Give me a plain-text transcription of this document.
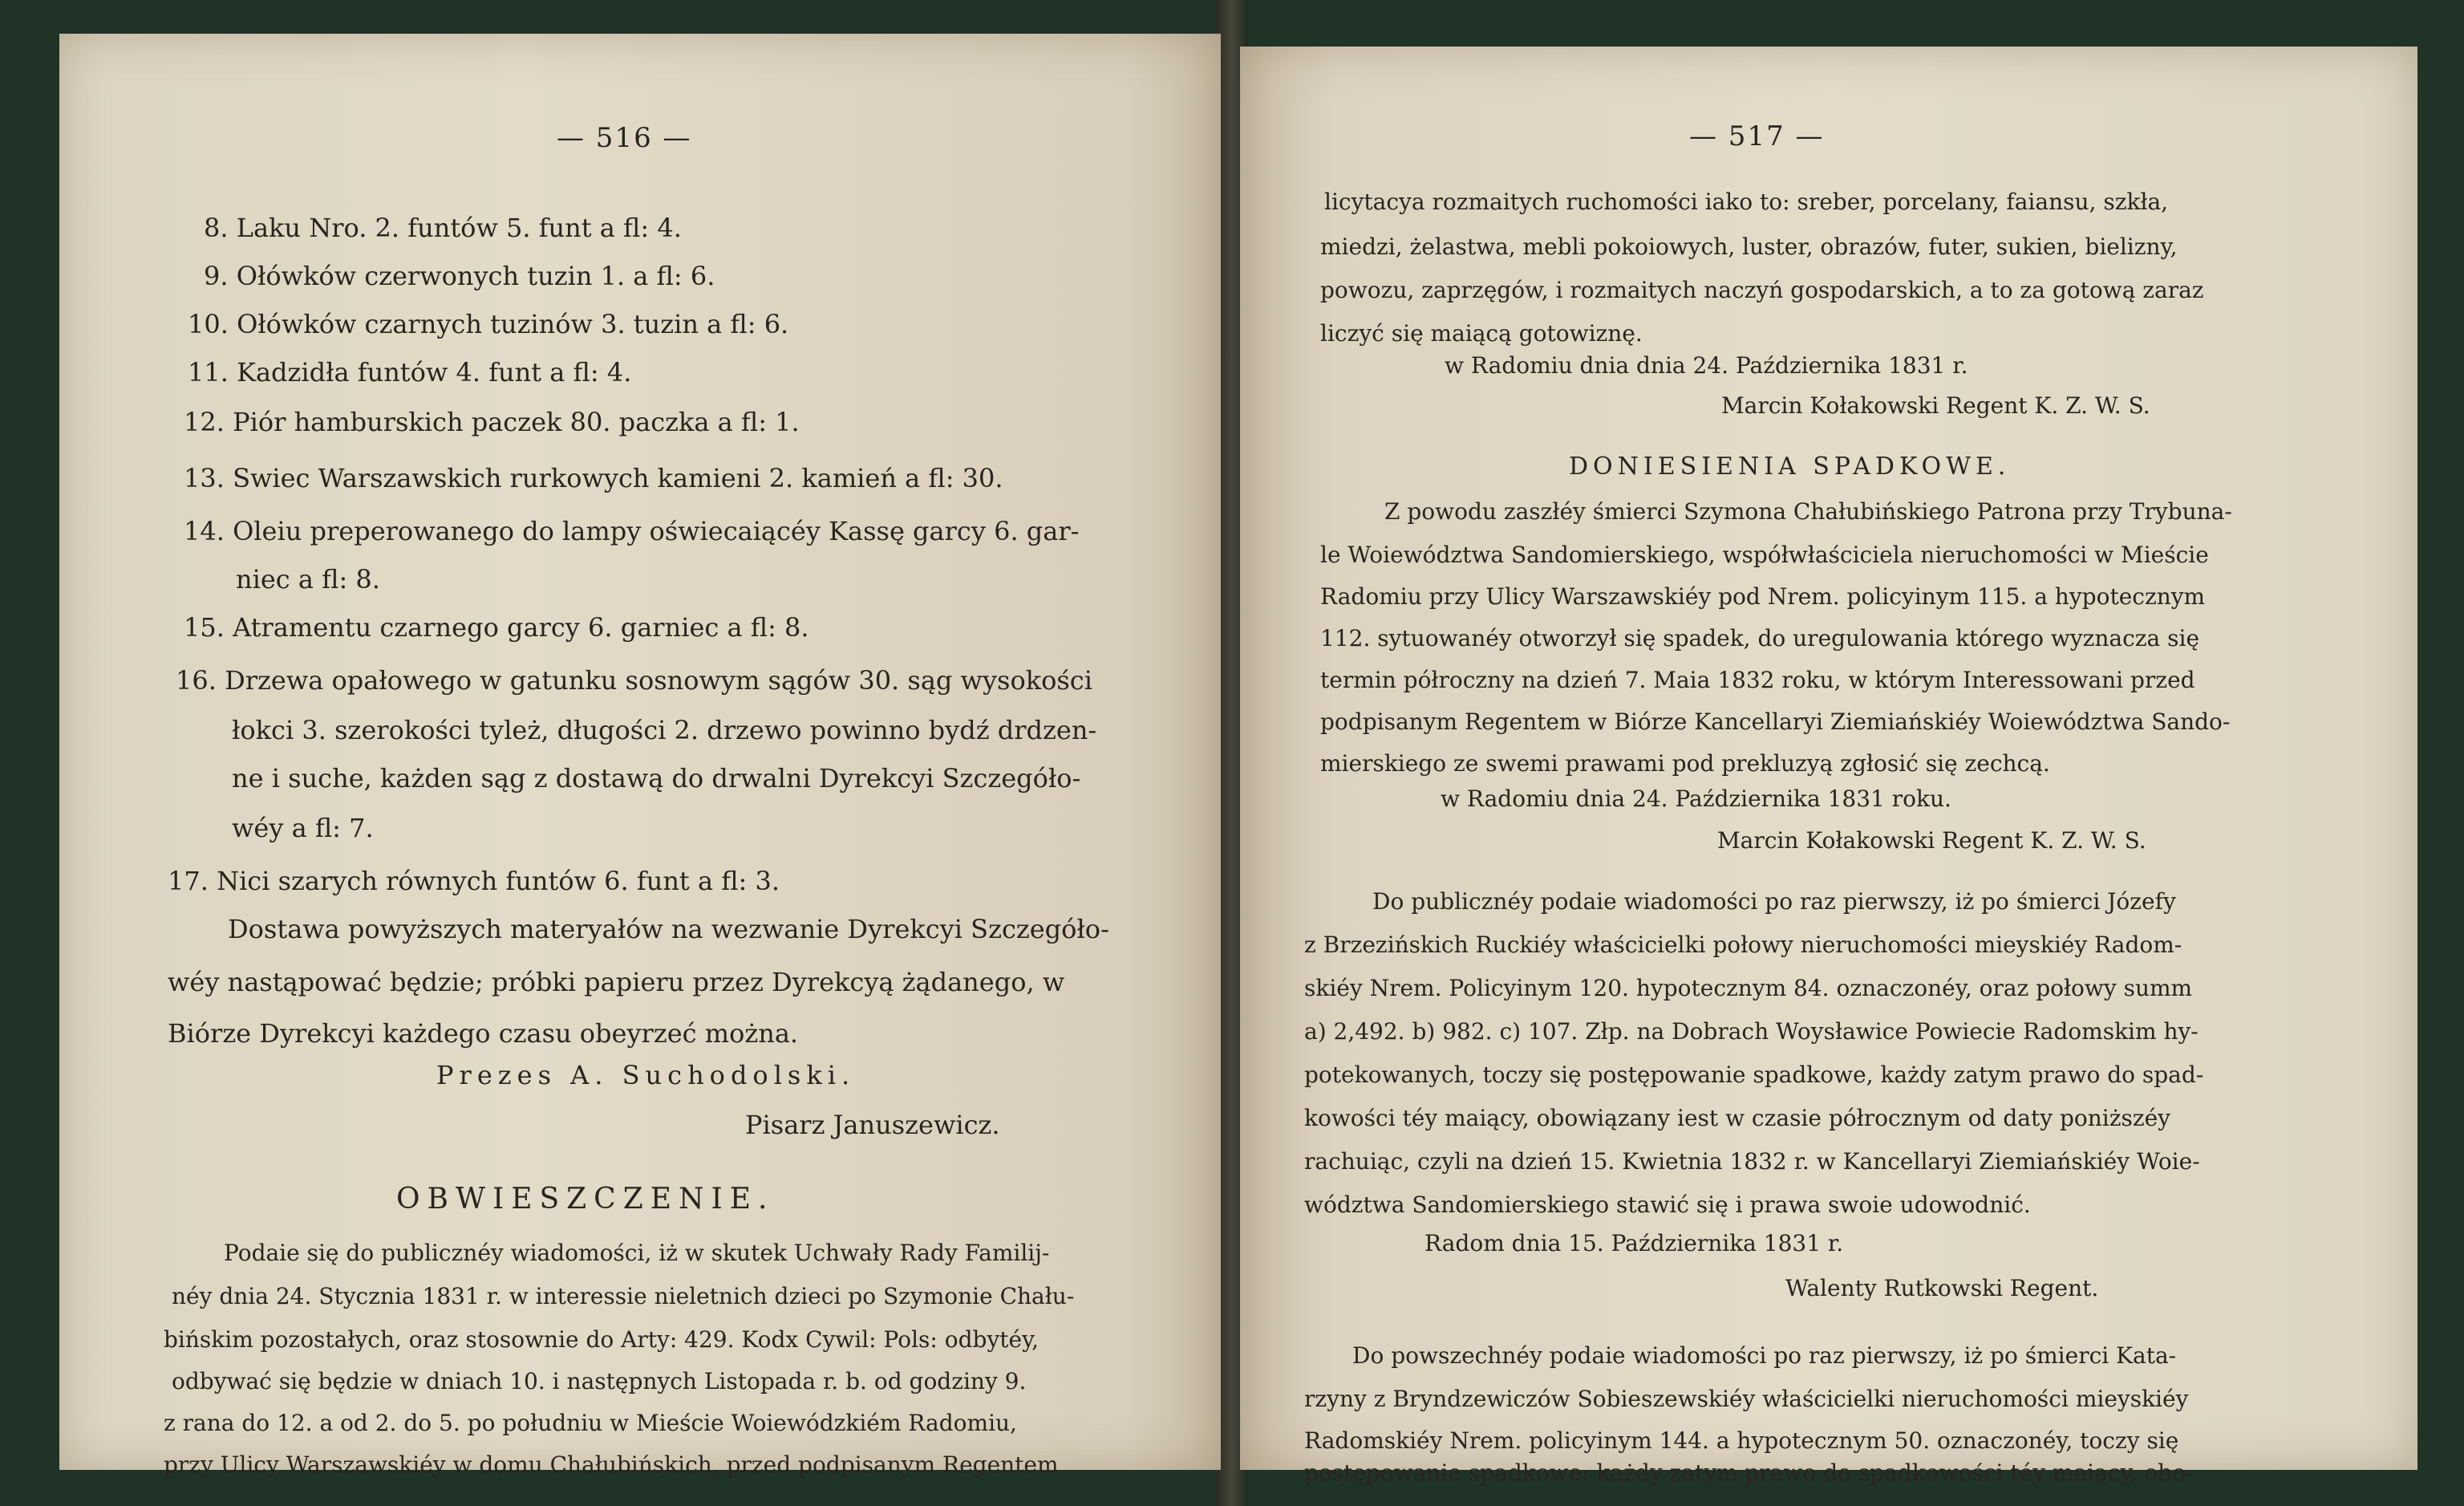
— 516 —
8. Laku Nro. 2. funtów 5. funt a fl: 4.
9. Ołówków czerwonych tuzin 1. a fl: 6.
10. Ołówków czarnych tuzinów 3. tuzin a fl: 6.
11. Kadzidła funtów 4. funt a fl: 4.
12. Piór hamburskich paczek 80. paczka a fl: 1.
13. Swiec Warszawskich rurkowych kamieni 2. kamień a fl: 30.
14. Oleiu preperowanego do lampy oświecaiącéy Kassę garcy 6. gar-
niec a fl: 8.
15. Atramentu czarnego garcy 6. garniec a fl: 8.
16. Drzewa opałowego w gatunku sosnowym sągów 30. sąg wysokości
łokci 3. szerokości tyleż, długości 2. drzewo powinno bydź drdzen-
ne i suche, każden sąg z dostawą do drwalni Dyrekcyi Szczegóło-
wéy a fl: 7.
17. Nici szarych równych funtów 6. funt a fl: 3.
Dostawa powyższych materyałów na wezwanie Dyrekcyi Szczegóło-
wéy nastąpować będzie; próbki papieru przez Dyrekcyą żądanego, w
Biórze Dyrekcyi każdego czasu obeyrzeć można.
Prezes A. Suchodolski.
Pisarz Januszewicz.
OBWIESZCZENIE.
Podaie się do publicznéy wiadomości, iż w skutek Uchwały Rady Familij-
néy dnia 24. Stycznia 1831 r. w interessie nieletnich dzieci po Szymonie Chału-
bińskim pozostałych, oraz stosownie do Arty: 429. Kodx Cywil: Pols: odbytéy,
odbywać się będzie w dniach 10. i następnych Listopada r. b. od godziny 9.
z rana do 12. a od 2. do 5. po południu w Mieście Woiewódzkiém Radomiu,
przy Ulicy Warszawskiéy w domu Chałubińskich, przed podpisanym Regentem
— 517 —
licytacya rozmaitych ruchomości iako to: sreber, porcelany, faiansu, szkła,
miedzi, żelastwa, mebli pokoiowych, luster, obrazów, futer, sukien, bielizny,
powozu, zaprzęgów, i rozmaitych naczyń gospodarskich, a to za gotową zaraz
liczyć się maiącą gotowiznę.
w Radomiu dnia dnia 24. Października 1831 r.
Marcin Kołakowski Regent K. Z. W. S.
DONIESIENIA SPADKOWE.
Z powodu zaszłéy śmierci Szymona Chałubińskiego Patrona przy Trybuna-
le Woiewództwa Sandomierskiego, współwłaściciela nieruchomości w Mieście
Radomiu przy Ulicy Warszawskiéy pod Nrem. policyinym 115. a hypotecznym
112. sytuowanéy otworzył się spadek, do uregulowania którego wyznacza się
termin półroczny na dzień 7. Maia 1832 roku, w którym Interessowani przed
podpisanym Regentem w Biórze Kancellaryi Ziemiańskiéy Woiewództwa Sando-
mierskiego ze swemi prawami pod prekluzyą zgłosić się zechcą.
w Radomiu dnia 24. Października 1831 roku.
Marcin Kołakowski Regent K. Z. W. S.
Do publicznéy podaie wiadomości po raz pierwszy, iż po śmierci Józefy
z Brzezińskich Ruckiéy właścicielki połowy nieruchomości mieyskiéy Radom-
skiéy Nrem. Policyinym 120. hypotecznym 84. oznaczonéy, oraz połowy summ
a) 2,492. b) 982. c) 107. Złp. na Dobrach Woysławice Powiecie Radomskim hy-
potekowanych, toczy się postępowanie spadkowe, każdy zatym prawo do spad-
kowości téy maiący, obowiązany iest w czasie półrocznym od daty poniższéy
rachuiąc, czyli na dzień 15. Kwietnia 1832 r. w Kancellaryi Ziemiańskiéy Woie-
wództwa Sandomierskiego stawić się i prawa swoie udowodnić.
Radom dnia 15. Października 1831 r.
Walenty Rutkowski Regent.
Do powszechnéy podaie wiadomości po raz pierwszy, iż po śmierci Kata-
rzyny z Bryndzewiczów Sobieszewskiéy właścicielki nieruchomości mieyskiéy
Radomskiéy Nrem. policyinym 144. a hypotecznym 50. oznaczonéy, toczy się
postępowanie spadkowe: każdy zatym prawo do spadkowości téy maiący, obo-
